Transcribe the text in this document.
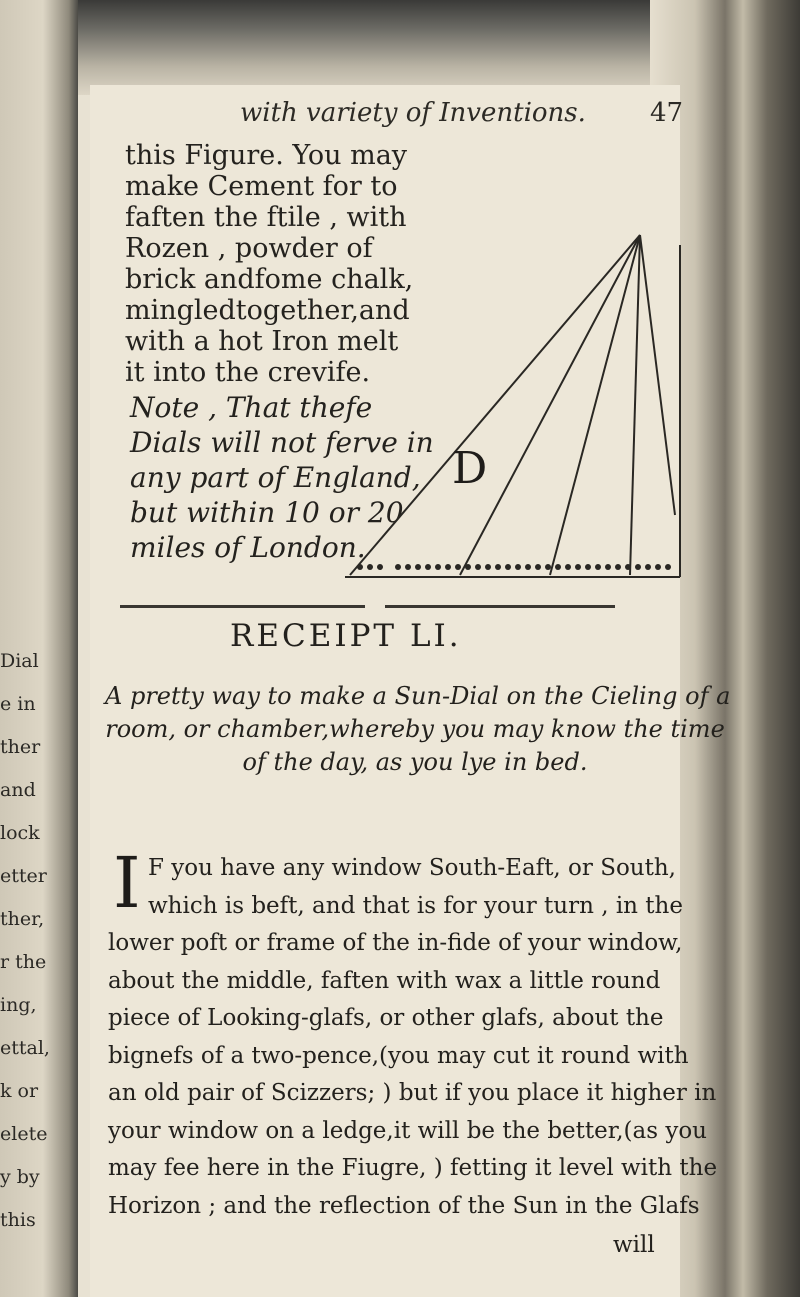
Dial
e in
ther
and
lock
etter
ther,
r the
ing,
ettal,
k or
elete
y by
this
with variety of Inventions.	47
this Figure. You may
make Cement for to
faften the ftile , with
Rozen , powder of
brick andfome chalk,
mingledtogether,and
with a hot Iron melt
it into the crevife.
Note , That thefe
Dials will not ferve in
any part of England,
but within 10 or 20
miles of London.
D
RECEIPT LI.
A pretty way to make a Sun-Dial on the Cieling of a
room, or chamber,whereby you may know the time
of the day, as you lye in bed.
I F you have any window South-Eaft, or South,
which is beft, and that is for your turn , in the
lower poft or frame of the in-fide of your window,
about the middle, faften with wax a little round
piece of Looking-glafs, or other glafs, about the
bignefs of a two-pence,(you may cut it round with
an old pair of Scizzers; ) but if you place it higher in
your window on a ledge,it will be the better,(as you
may fee here in the Fiugre, ) fetting it level with the
Horizon ; and the reflection of the Sun in the Glafs
will
